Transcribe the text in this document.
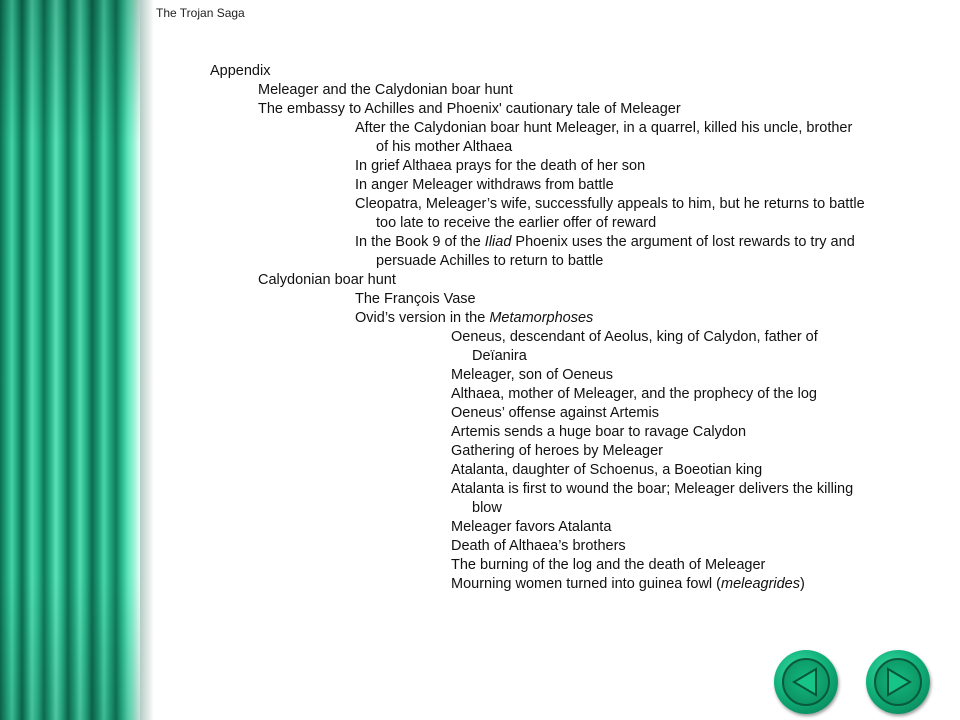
The Trojan Saga
Appendix
Meleager and the Calydonian boar hunt
The embassy to Achilles and Phoenix' cautionary tale of Meleager
After the Calydonian boar hunt Meleager, in a quarrel, killed his uncle, brother
of his mother Althaea
In grief Althaea prays for the death of her son
In anger Meleager withdraws from battle
Cleopatra, Meleager’s wife, successfully appeals to him, but he returns to battle
too late to receive the earlier offer of reward
In the Book 9 of the Iliad Phoenix uses the argument of lost rewards to try and
persuade Achilles to return to battle
Calydonian boar hunt
The François Vase
Ovid’s version in the Metamorphoses
Oeneus, descendant of Aeolus, king of Calydon, father of
Deïanira
Meleager, son of Oeneus
Althaea, mother of Meleager, and the prophecy of the log
Oeneus’ offense against Artemis
Artemis sends a huge boar to ravage Calydon
Gathering of heroes by Meleager
Atalanta, daughter of Schoenus, a Boeotian king
Atalanta is first to wound the boar; Meleager delivers the killing
blow
Meleager favors Atalanta
Death of Althaea’s brothers
The burning of the log and the death of Meleager
Mourning women turned into guinea fowl (meleagrides)
